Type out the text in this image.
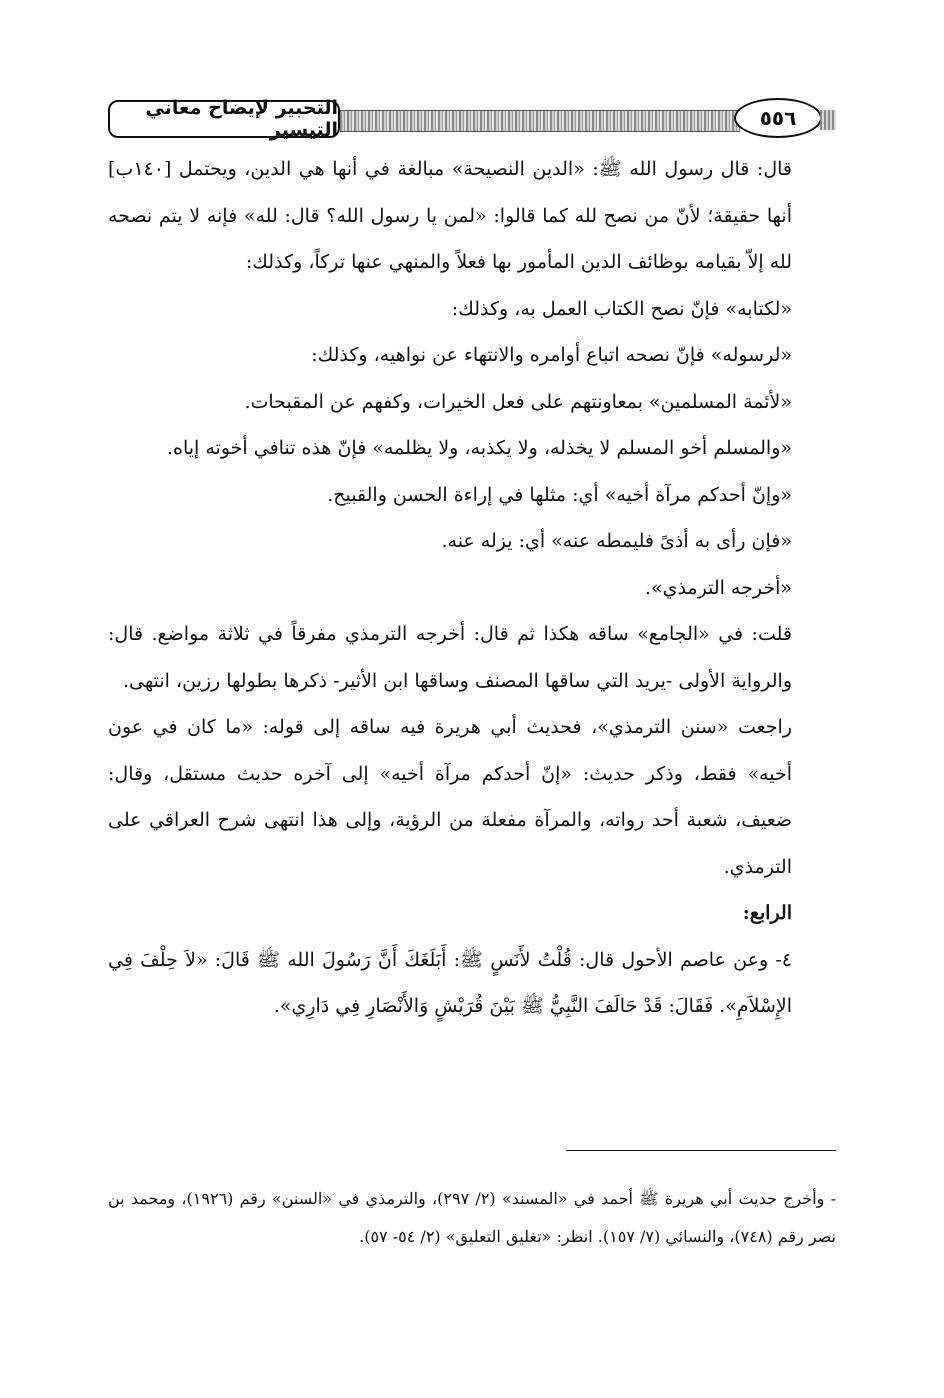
التحبير لإيضاح معاني التيسير	٥٥٦

قال: قال رسول الله ﷺ: «الدين النصيحة» مبالغة في أنها هي الدين، ويحتمل [١٤٠ب] أنها حقيقة؛ لأنّ من نصح لله كما قالوا: «لمن يا رسول الله؟ قال: لله» فإنه لا يتم نصحه لله إلاّ بقيامه بوظائف الدين المأمور بها فعلاً والمنهي عنها تركاً، وكذلك:

«لكتابه» فإنّ نصح الكتاب العمل به، وكذلك:

«لرسوله» فإنّ نصحه اتباع أوامره والانتهاء عن نواهيه، وكذلك:

«لأئمة المسلمين» بمعاونتهم على فعل الخيرات، وكفهم عن المقبحات.

«والمسلم أخو المسلم لا يخذله، ولا يكذبه، ولا يظلمه» فإنّ هذه تنافي أخوته إياه.

«وإنّ أحدكم مرآة أخيه» أي: مثلها في إراءة الحسن والقبيح.

«فإن رأى به أذىً فليمطه عنه» أي: يزله عنه.

«أخرجه الترمذي».

قلت: في «الجامع» ساقه هكذا ثم قال: أخرجه الترمذي مفرقاً في ثلاثة مواضع. قال: والرواية الأولى -يريد التي ساقها المصنف وساقها ابن الأثير- ذكرها بطولها رزين، انتهى.

راجعت «سنن الترمذي»، فحديث أبي هريرة فيه ساقه إلى قوله: «ما كان في عون أخيه» فقط، وذكر حديث: «إنّ أحدكم مرآة أخيه» إلى آخره حديث مستقل، وقال: ضعيف، شعبة أحد رواته، والمرآة مفعلة من الرؤية، وإلى هذا انتهى شرح العراقي على الترمذي.

الرابع:

٤- وعن عاصم الأحول قال: قُلْتُ لأَنَسٍ ﷺ: أَبَلَغَكَ أَنَّ رَسُولَ الله ﷺ قَالَ: «لاَ حِلْفَ فِي الإِسْلاَمِ». فَقَالَ: قَدْ حَالَفَ النَّبِيُّ ﷺ بَيْنَ قُرَيْشٍ وَالأَنْصَارِ فِي دَارِي».

- وأخرج حديث أبي هريرة ﷺ أحمد في «المسند» (٢/ ٢٩٧)، والترمذي في «السنن» رقم (١٩٢٦)، ومحمد بن نصر رقم (٧٤٨)، والنسائي (٧/ ١٥٧). انظر: «تغليق التعليق» (٢/ ٥٤- ٥٧).
